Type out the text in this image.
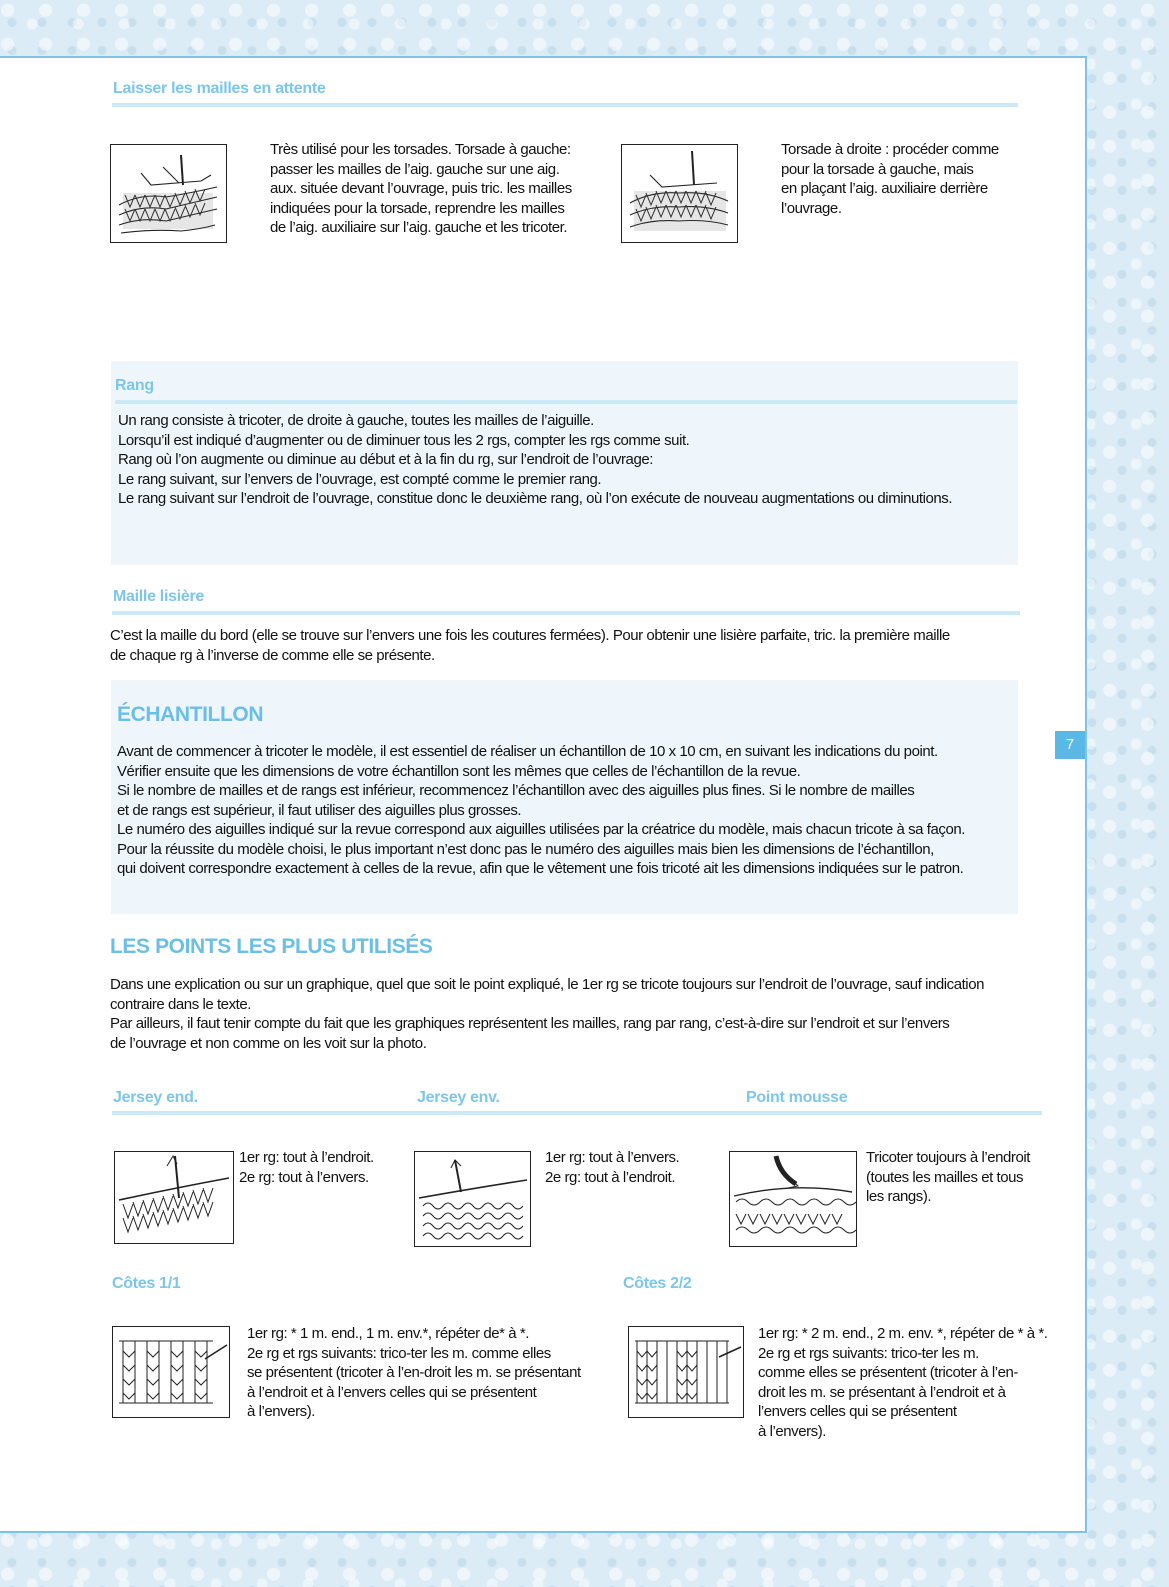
Laisser les mailles en attente
Très utilisé pour les torsades. Torsade à gauche:
passer les mailles de l’aig. gauche sur une aig.
aux. située devant l’ouvrage, puis tric. les mailles
indiquées pour la torsade, reprendre les mailles
de l’aig. auxiliaire sur l’aig. gauche et les tricoter.
Torsade à droite : procéder comme
pour la torsade à gauche, mais
en plaçant l’aig. auxiliaire derrière
l’ouvrage.
Rang
Un rang consiste à tricoter, de droite à gauche, toutes les mailles de l’aiguille.
Lorsqu’il est indiqué d’augmenter ou de diminuer tous les 2 rgs, compter les rgs comme suit.
Rang où l’on augmente ou diminue au début et à la fin du rg, sur l’endroit de l’ouvrage:
Le rang suivant, sur l’envers de l’ouvrage, est compté comme le premier rang.
Le rang suivant sur l’endroit de l’ouvrage, constitue donc le deuxième rang, où l’on exécute de nouveau augmentations ou diminutions.
Maille lisière
C’est la maille du bord (elle se trouve sur l’envers une fois les coutures fermées). Pour obtenir une lisière parfaite, tric. la première maille
de chaque rg à l’inverse de comme elle se présente.
ÉCHANTILLON
Avant de commencer à tricoter le modèle, il est essentiel de réaliser un échantillon de 10 x 10 cm, en suivant les indications du point.
Vérifier ensuite que les dimensions de votre échantillon sont les mêmes que celles de l’échantillon de la revue.
Si le nombre de mailles et de rangs est inférieur, recommencez l’échantillon avec des aiguilles plus fines. Si le nombre de mailles
et de rangs est supérieur, il faut utiliser des aiguilles plus grosses.
Le numéro des aiguilles indiqué sur la revue correspond aux aiguilles utilisées par la créatrice du modèle, mais chacun tricote à sa façon.
Pour la réussite du modèle choisi, le plus important n’est donc pas le numéro des aiguilles mais bien les dimensions de l’échantillon,
qui doivent correspondre exactement à celles de la revue, afin que le vêtement une fois tricoté ait les dimensions indiquées sur le patron.
LES POINTS LES PLUS UTILISÉS
Dans une explication ou sur un graphique, quel que soit le point expliqué, le 1er rg se tricote toujours sur l’endroit de l’ouvrage, sauf indication
contraire dans le texte.
Par ailleurs, il faut tenir compte du fait que les graphiques représentent les mailles, rang par rang, c’est-à-dire sur l’endroit et sur l’envers
de l’ouvrage et non comme on les voit sur la photo.
Jersey end.	Jersey env.	Point mousse
1er rg: tout à l’endroit.
2e rg: tout à l’envers.
1er rg: tout à l’envers.
2e rg: tout à l’endroit.
Tricoter toujours à l’endroit
(toutes les mailles et tous
les rangs).
Côtes 1/1	Côtes 2/2
1er rg: * 1 m. end., 1 m. env.*, répéter de* à *.
2e rg et rgs suivants: trico-ter les m. comme elles
se présentent (tricoter à l’en-droit les m. se présentant
à l’endroit et à l’envers celles qui se présentent
à l’envers).
1er rg: * 2 m. end., 2 m. env. *, répéter de * à *.
2e rg et rgs suivants: trico-ter les m.
comme elles se présentent (tricoter à l’en-
droit les m. se présentant à l’endroit et à
l’envers celles qui se présentent
à l’envers).
7
